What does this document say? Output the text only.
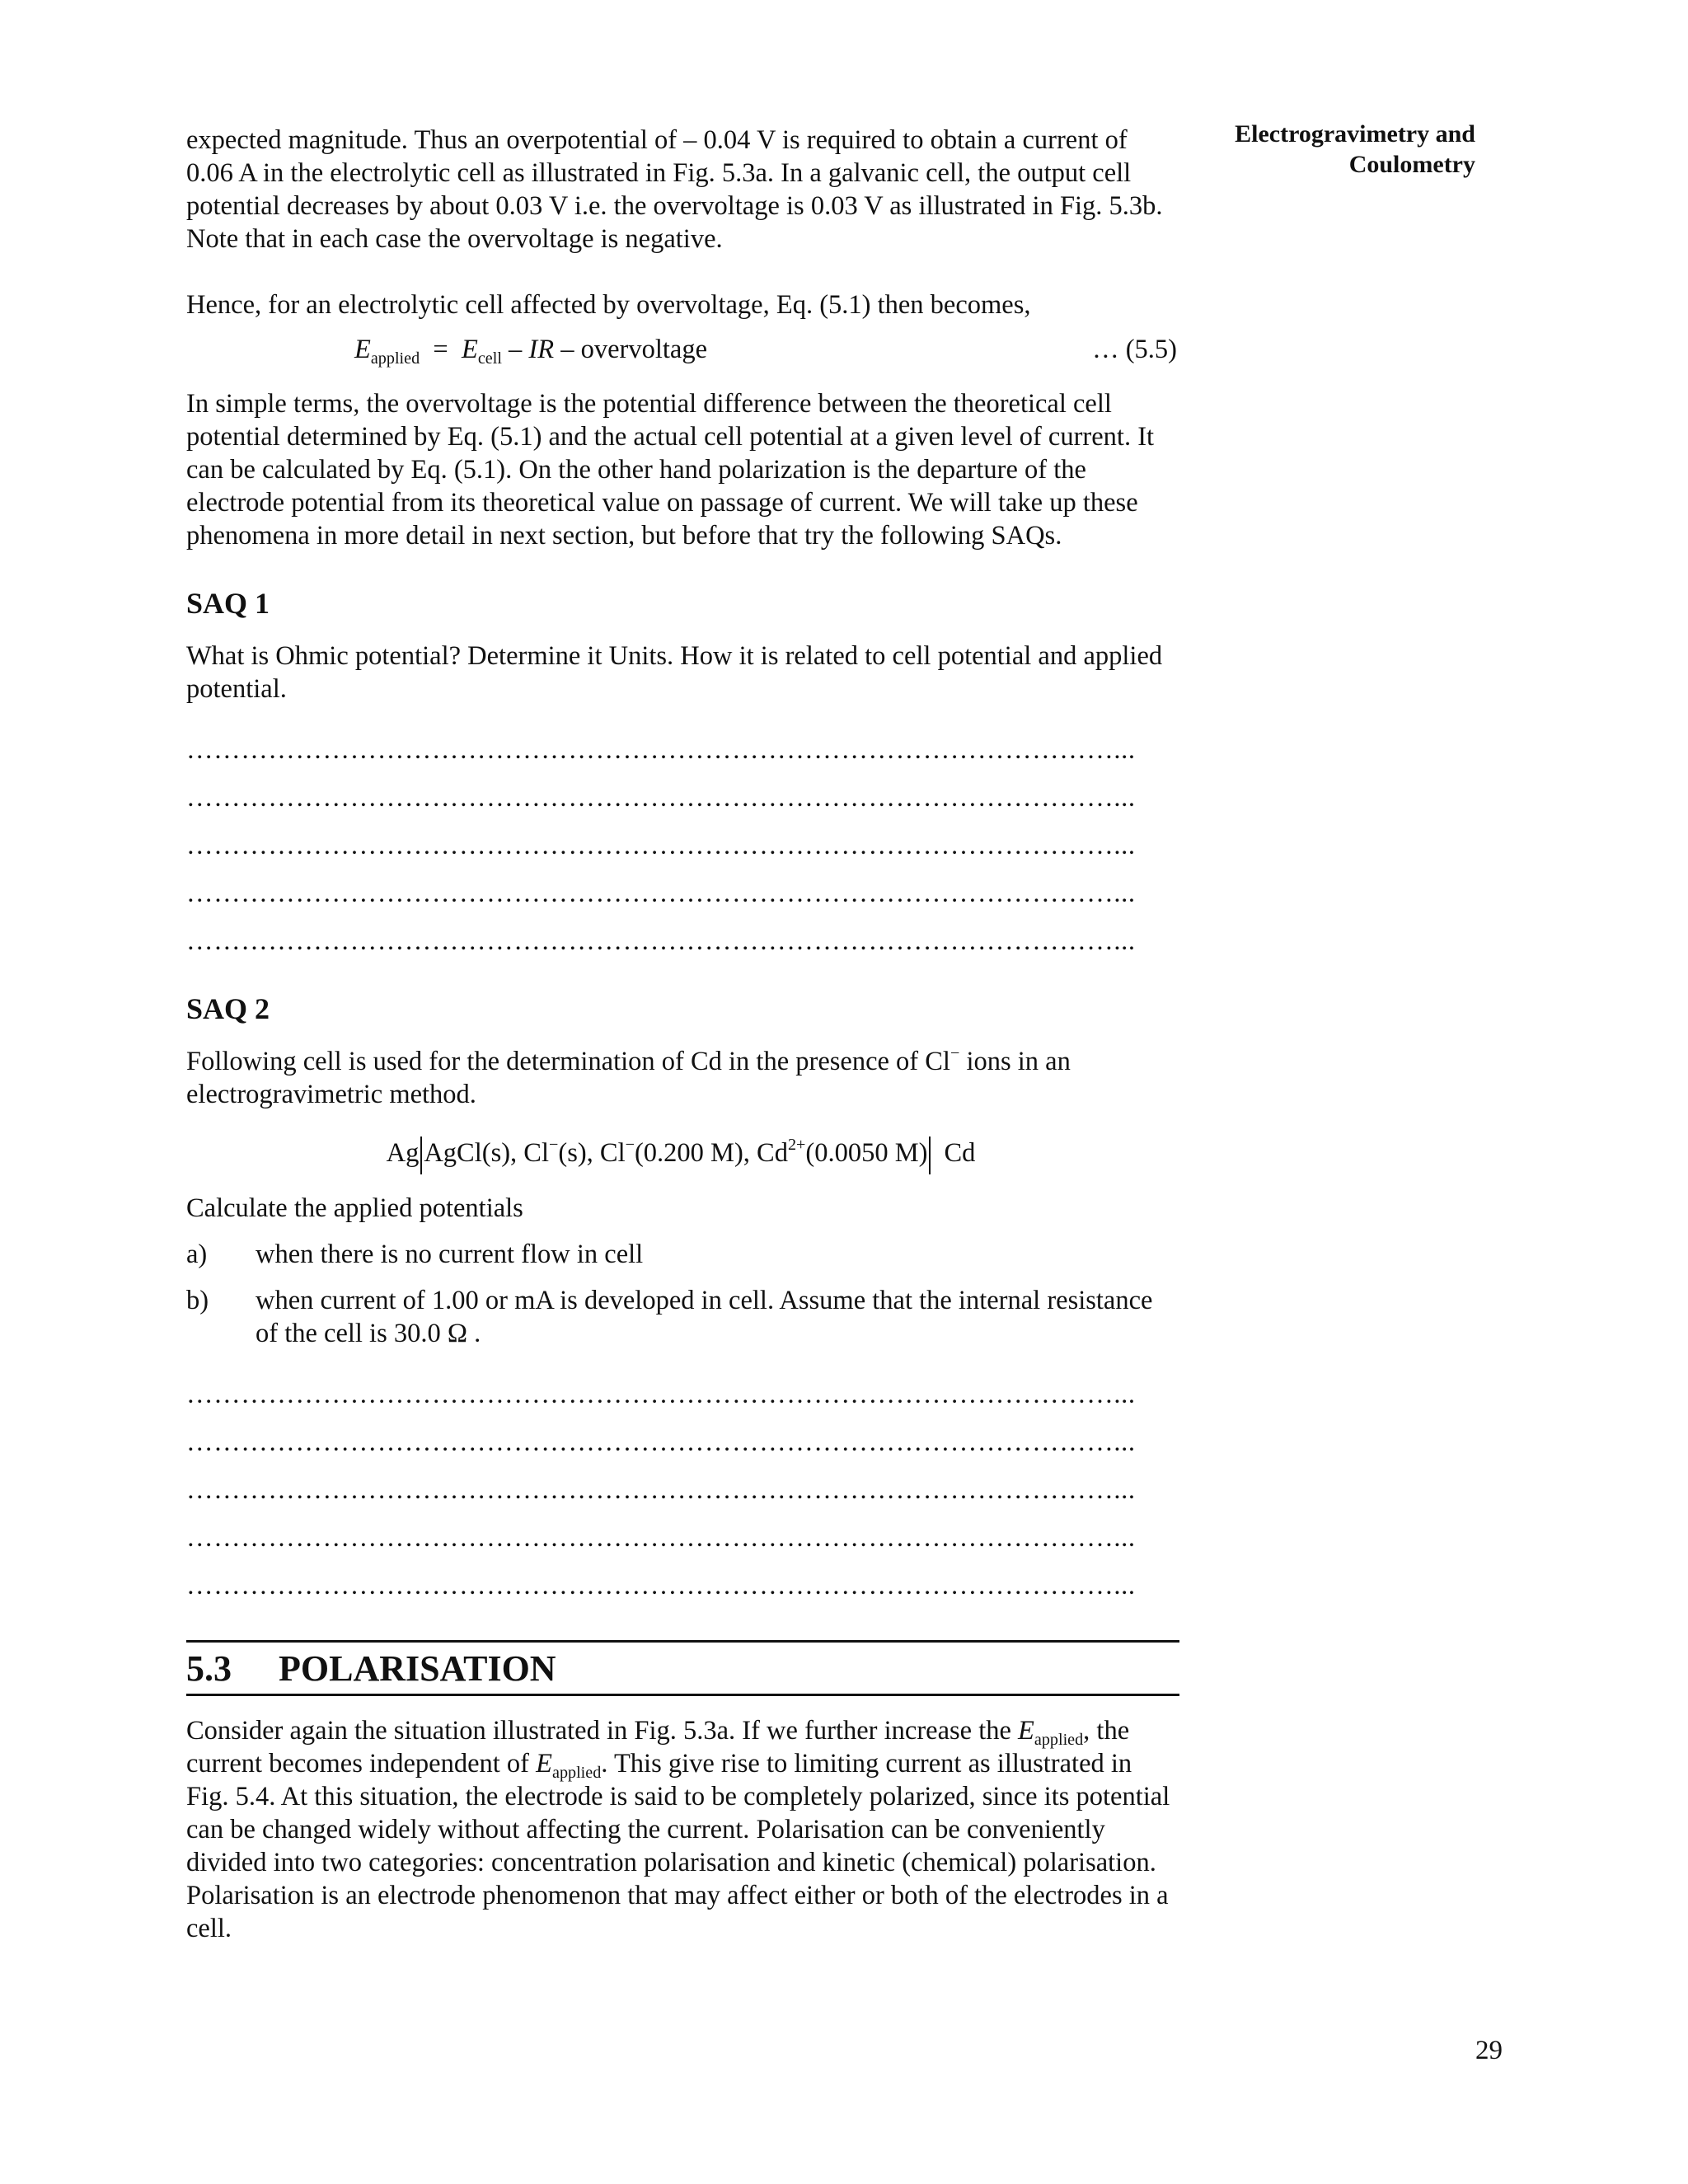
Electrogravimetry and
Coulometry

expected magnitude. Thus an overpotential of – 0.04 V is required to obtain a current of 0.06 A in the electrolytic cell as illustrated in Fig. 5.3a. In a galvanic cell, the output cell potential decreases by about 0.03 V i.e. the overvoltage is 0.03 V as illustrated in Fig. 5.3b. Note that in each case the overvoltage is negative.

Hence, for an electrolytic cell affected by overvoltage, Eq. (5.1) then becomes,

$E_{applied} = E_{cell}$ – IR – overvoltage	… (5.5)

In simple terms, the overvoltage is the potential difference between the theoretical cell potential determined by Eq. (5.1) and the actual cell potential at a given level of current. It can be calculated by Eq. (5.1). On the other hand polarization is the departure of the electrode potential from its theoretical value on passage of current. We will take up these phenomena in more detail in next section, but before that try the following SAQs.

SAQ 1

What is Ohmic potential? Determine it Units. How it is related to cell potential and applied potential.

…………………………………………………………………………………………...

…………………………………………………………………………………………...

…………………………………………………………………………………………...

…………………………………………………………………………………………...

…………………………………………………………………………………………...

SAQ 2

Following cell is used for the determination of Cd in the presence of Cl− ions in an electrogravimetric method.

Ag AgCl(s), Cl−(s), Cl−(0.200 M), $Cd^{2+}(0.0050$ M) Cd

Calculate the applied potentials

a)	when there is no current flow in cell
b)	when current of 1.00 or mA is developed in cell. Assume that the internal resistance of the cell is 30.0 Ω .

…………………………………………………………………………………………...

…………………………………………………………………………………………...

…………………………………………………………………………………………...

…………………………………………………………………………………………...

…………………………………………………………………………………………...

5.3 POLARISATION

Consider again the situation illustrated in Fig. 5.3a. If we further increase the $E_{applied}$, the current becomes independent of $E_{applied}$. This give rise to limiting current as illustrated in Fig. 5.4. At this situation, the electrode is said to be completely polarized, since its potential can be changed widely without affecting the current. Polarisation can be conveniently divided into two categories: concentration polarisation and kinetic (chemical) polarisation. Polarisation is an electrode phenomenon that may affect either or both of the electrodes in a cell.

29
